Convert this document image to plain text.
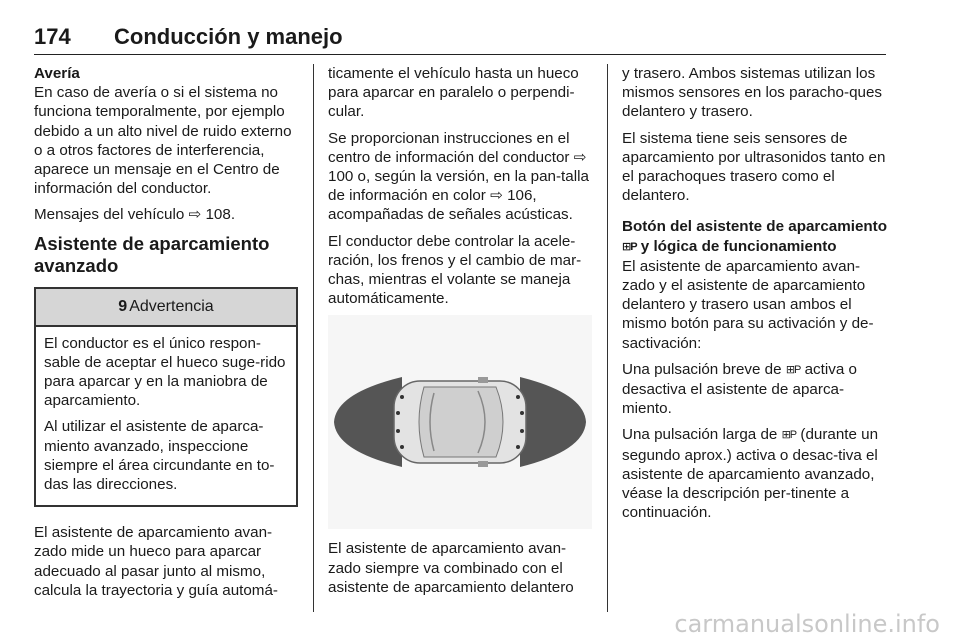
174 Conducción y manejo
Avería

En caso de avería o si el sistema no funciona temporalmente, por ejemplo debido a un alto nivel de ruido externo o a otros factores de interferencia, aparece un mensaje en el Centro de información del conductor.

Mensajes del vehículo ⇨ 108.

Asistente de aparcamiento avanzado
9 Advertencia

El conductor es el único respon-sable de aceptar el hueco suge-rido para aparcar y en la maniobra de aparcamiento.

Al utilizar el asistente de aparca-miento avanzado, inspeccione siempre el área circundante en to-das las direcciones.

El asistente de aparcamiento avan-zado mide un hueco para aparcar adecuado al pasar junto al mismo, calcula la trayectoria y guía automá-

ticamente el vehículo hasta un hueco para aparcar en paralelo o perpendi-cular.

Se proporcionan instrucciones en el centro de información del conductor ⇨ 100 o, según la versión, en la pan-talla de información en color ⇨ 106, acompañadas de señales acústicas.

El conductor debe controlar la acele-ración, los frenos y el cambio de mar-chas, mientras el volante se maneja automáticamente.

El asistente de aparcamiento avan-zado siempre va combinado con el asistente de aparcamiento delantero

y trasero. Ambos sistemas utilizan los mismos sensores en los paracho-ques delantero y trasero.

El sistema tiene seis sensores de aparcamiento por ultrasonidos tanto en el parachoques trasero como el delantero.

Botón del asistente de aparcamiento ⊞P y lógica de funcionamiento

El asistente de aparcamiento avan-zado y el asistente de aparcamiento delantero y trasero usan ambos el mismo botón para su activación y de-sactivación:

Una pulsación breve de ⊞P activa o desactiva el asistente de aparca-miento.

Una pulsación larga de ⊞P (durante un segundo aprox.) activa o desac-tiva el asistente de aparcamiento avanzado, véase la descripción per-tinente a continuación.

carmanualsonline.info
